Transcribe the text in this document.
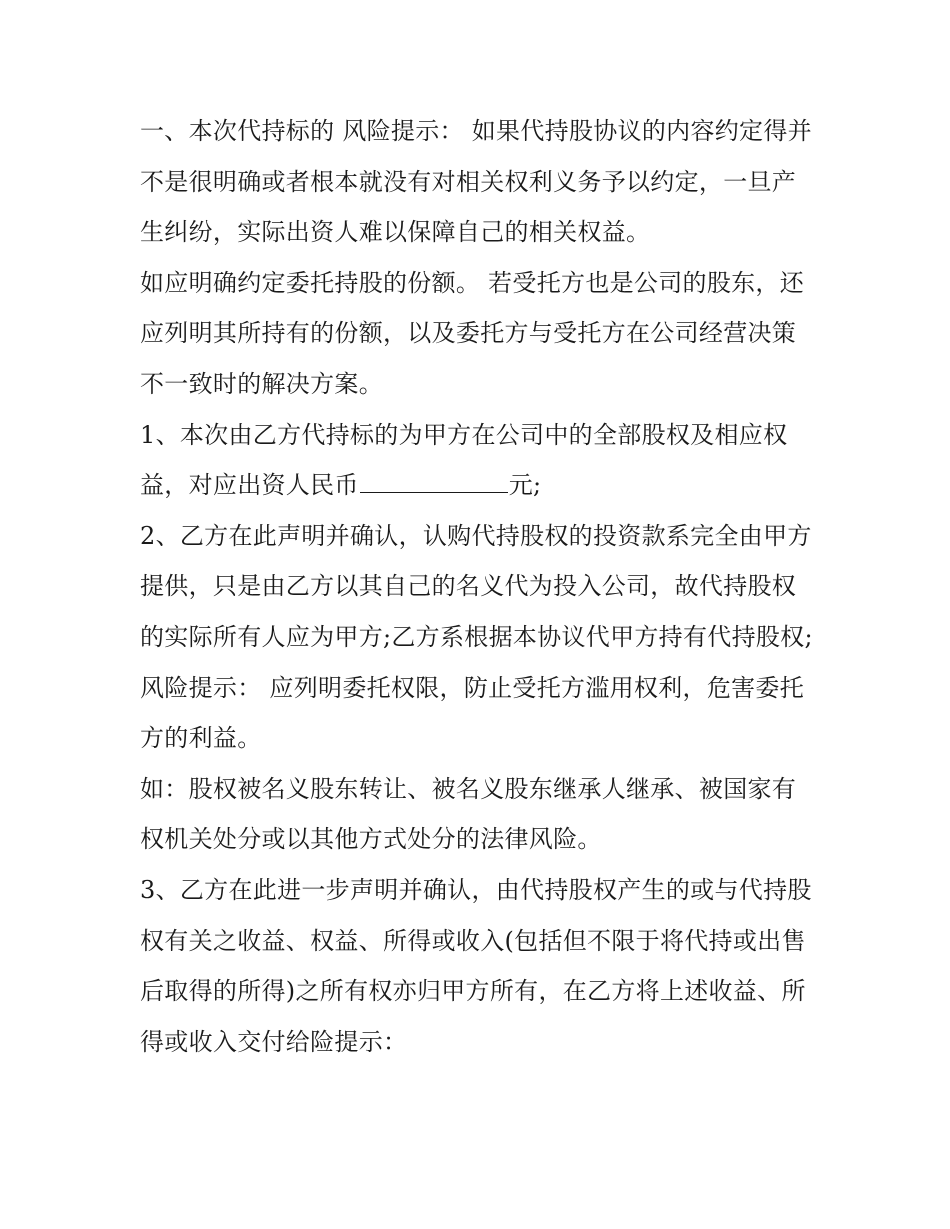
一、本次代持标的 风险提示： 如果代持股协议的内容约定得并不是很明确或者根本就没有对相关权利义务予以约定，一旦产生纠纷，实际出资人难以保障自己的相关权益。

如应明确约定委托持股的份额。 若受托方也是公司的股东，还应列明其所持有的份额，以及委托方与受托方在公司经营决策不一致时的解决方案。

1、本次由乙方代持标的为甲方在公司中的全部股权及相应权益，对应出资人民币	元;

2、乙方在此声明并确认，认购代持股权的投资款系完全由甲方提供，只是由乙方以其自己的名义代为投入公司，故代持股权的实际所有人应为甲方;乙方系根据本协议代甲方持有代持股权;

风险提示： 应列明委托权限，防止受托方滥用权利，危害委托方的利益。

如：股权被名义股东转让、被名义股东继承人继承、被国家有权机关处分或以其他方式处分的法律风险。

3、乙方在此进一步声明并确认，由代持股权产生的或与代持股权有关之收益、权益、所得或收入(包括但不限于将代持或出售后取得的所得)之所有权亦归甲方所有，在乙方将上述收益、所得或收入交付给险提示：
